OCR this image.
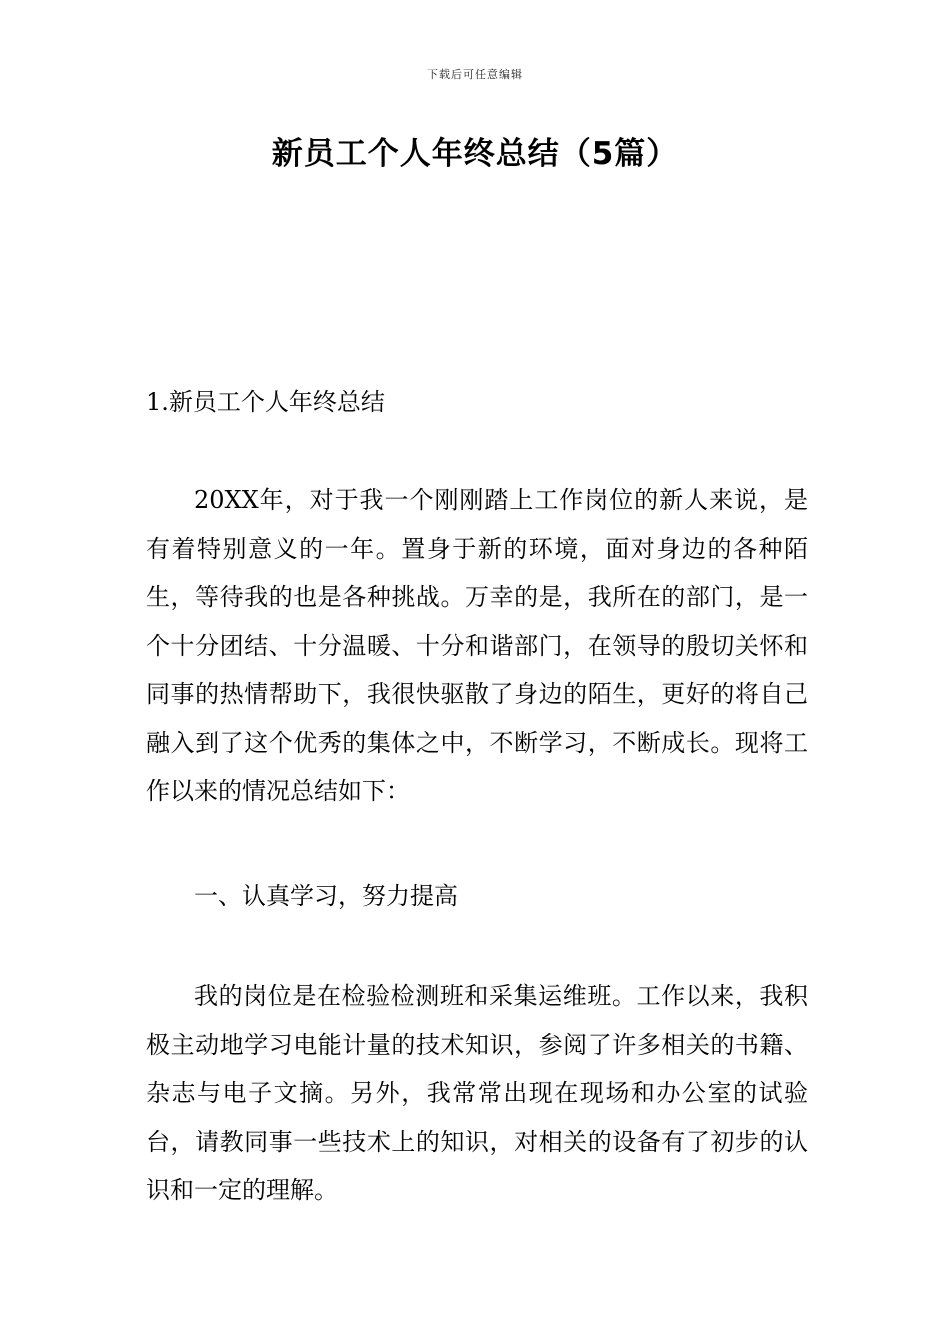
下载后可任意编辑
新员工个人年终总结（5篇）
1.新员工个人年终总结

20XX年，对于我一个刚刚踏上工作岗位的新人来说，是有着特别意义的一年。置身于新的环境，面对身边的各种陌生，等待我的也是各种挑战。万幸的是，我所在的部门，是一个十分团结、十分温暖、十分和谐部门，在领导的殷切关怀和同事的热情帮助下，我很快驱散了身边的陌生，更好的将自己融入到了这个优秀的集体之中，不断学习，不断成长。现将工作以来的情况总结如下：

一、认真学习，努力提高

我的岗位是在检验检测班和采集运维班。工作以来，我积极主动地学习电能计量的技术知识，参阅了许多相关的书籍、杂志与电子文摘。另外，我常常出现在现场和办公室的试验台，请教同事一些技术上的知识，对相关的设备有了初步的认识和一定的理解。
